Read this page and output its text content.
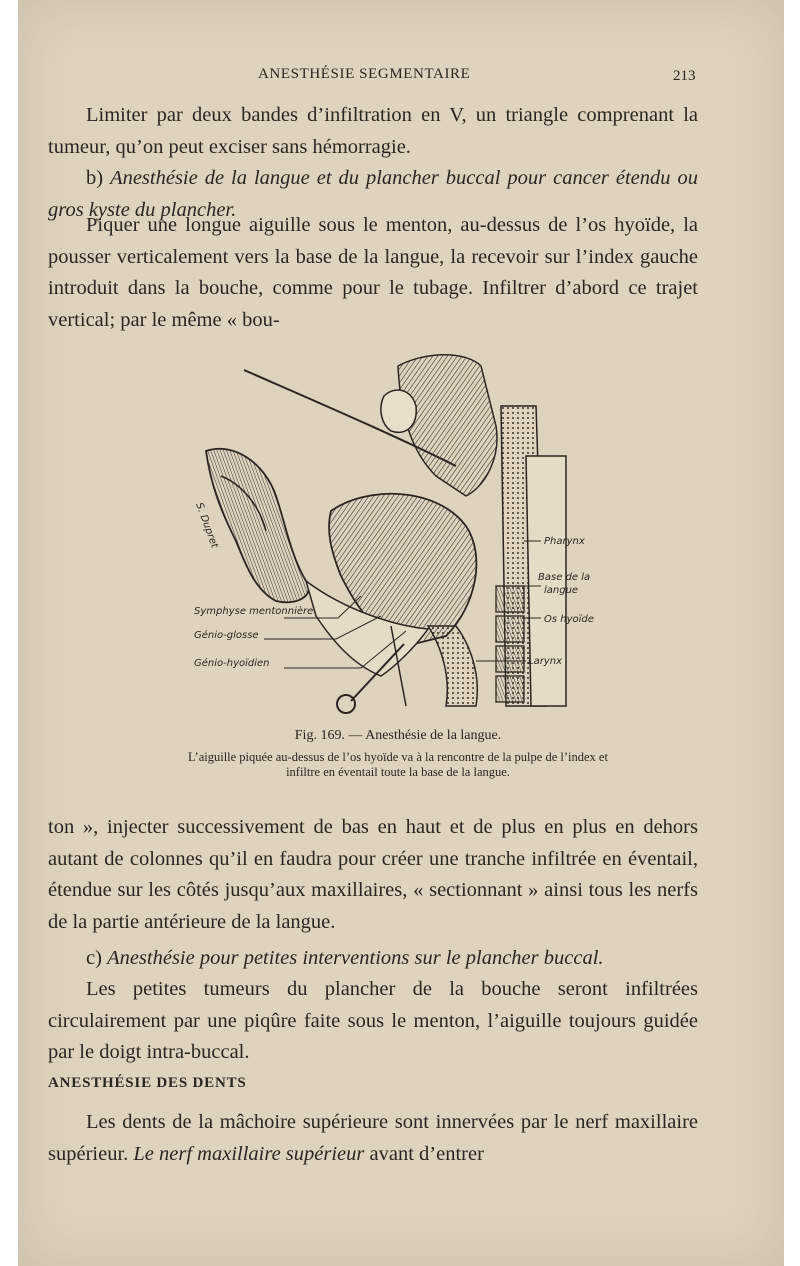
ANESTHÉSIE SEGMENTAIRE	213

Limiter par deux bandes d’infiltration en V, un triangle comprenant la tumeur, qu’on peut exciser sans hémorragie.

b) Anesthésie de la langue et du plancher buccal pour cancer étendu ou gros kyste du plancher.

Piquer une longue aiguille sous le menton, au-dessus de l’os hyoïde, la pousser verticalement vers la base de la langue, la recevoir sur l’index gauche introduit dans la bouche, comme pour le tubage. Infiltrer d’abord ce trajet vertical; par le même « bou-

S. Dupret
Symphyse mentonnière
Génio-glosse
Génio-hyoïdien
Pharynx
Base de la
langue
Os hyoïde
Larynx
Fig. 169. — Anesthésie de la langue.
L’aiguille piquée au-dessus de l’os hyoïde va à la rencontre de la pulpe de l’index et infiltre en éventail toute la base de la langue.

ton », injecter successivement de bas en haut et de plus en plus en dehors autant de colonnes qu’il en faudra pour créer une tranche infiltrée en éventail, étendue sur les côtés jusqu’aux maxillaires, « sectionnant » ainsi tous les nerfs de la partie antérieure de la langue.

c) Anesthésie pour petites interventions sur le plancher buccal.

Les petites tumeurs du plancher de la bouche seront infiltrées circulairement par une piqûre faite sous le menton, l’aiguille toujours guidée par le doigt intra-buccal.

ANESTHÉSIE DES DENTS

Les dents de la mâchoire supérieure sont innervées par le nerf maxillaire supérieur. Le nerf maxillaire supérieur avant d’entrer
